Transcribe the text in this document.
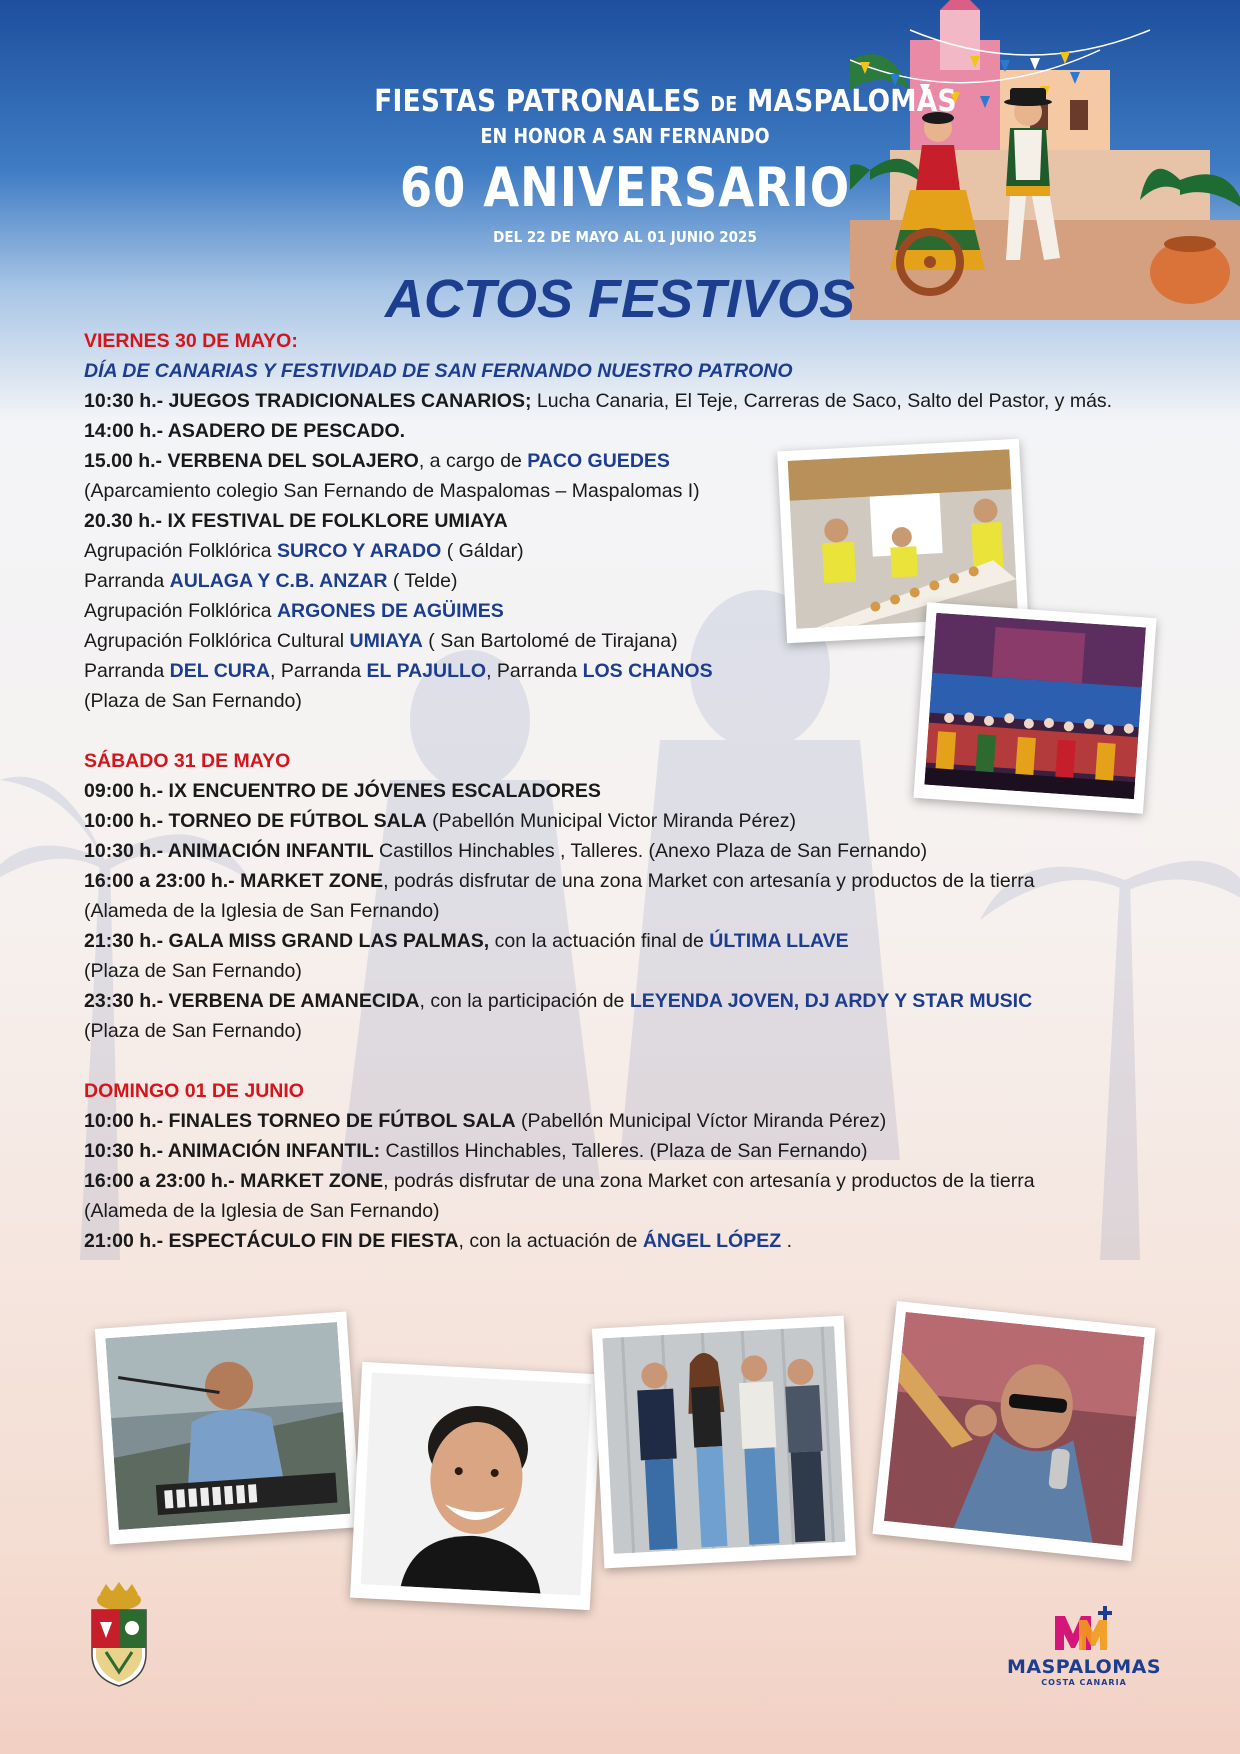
FIESTAS PATRONALES DE MASPALOMAS
EN HONOR A SAN FERNANDO
60 ANIVERSARIO
DEL 22 DE MAYO AL 01 JUNIO 2025
ACTOS FESTIVOS
VIERNES 30 DE MAYO:
DÍA DE CANARIAS Y FESTIVIDAD DE SAN FERNANDO NUESTRO PATRONO
10:30 h.- JUEGOS TRADICIONALES CANARIOS; Lucha Canaria, El Teje, Carreras de Saco, Salto del Pastor, y más.
14:00 h.- ASADERO DE PESCADO.
15.00 h.- VERBENA DEL SOLAJERO, a cargo de PACO GUEDES
(Aparcamiento colegio San Fernando de Maspalomas – Maspalomas I)
20.30 h.- IX FESTIVAL DE FOLKLORE UMIAYA
Agrupación Folklórica SURCO Y ARADO ( Gáldar)
Parranda AULAGA Y C.B. ANZAR ( Telde)
Agrupación Folklórica ARGONES DE AGÜIMES
Agrupación Folklórica Cultural UMIAYA ( San Bartolomé de Tirajana)
Parranda DEL CURA, Parranda EL PAJULLO, Parranda LOS CHANOS
(Plaza de San Fernando)
SÁBADO 31 DE MAYO
09:00 h.- IX ENCUENTRO DE JÓVENES ESCALADORES
10:00 h.- TORNEO DE FÚTBOL SALA (Pabellón Municipal Victor Miranda Pérez)
10:30 h.- ANIMACIÓN INFANTIL Castillos Hinchables , Talleres. (Anexo Plaza de San Fernando)
16:00 a 23:00 h.- MARKET ZONE, podrás disfrutar de una zona Market con artesanía y productos de la tierra
(Alameda de la Iglesia de San Fernando)
21:30 h.- GALA MISS GRAND LAS PALMAS, con la actuación final de ÚLTIMA LLAVE
(Plaza de San Fernando)
23:30 h.- VERBENA DE AMANECIDA, con la participación de LEYENDA JOVEN, DJ ARDY Y STAR MUSIC
(Plaza de San Fernando)
DOMINGO 01 DE JUNIO
10:00 h.- FINALES TORNEO DE FÚTBOL SALA (Pabellón Municipal Víctor Miranda Pérez)
10:30 h.- ANIMACIÓN INFANTIL: Castillos Hinchables, Talleres. (Plaza de San Fernando)
16:00 a 23:00 h.- MARKET ZONE, podrás disfrutar de una zona Market con artesanía y productos de la tierra
(Alameda de la Iglesia de San Fernando)
21:00 h.- ESPECTÁCULO FIN DE FIESTA, con la actuación de ÁNGEL LÓPEZ .
MASPALOMAS
COSTA CANARIA
